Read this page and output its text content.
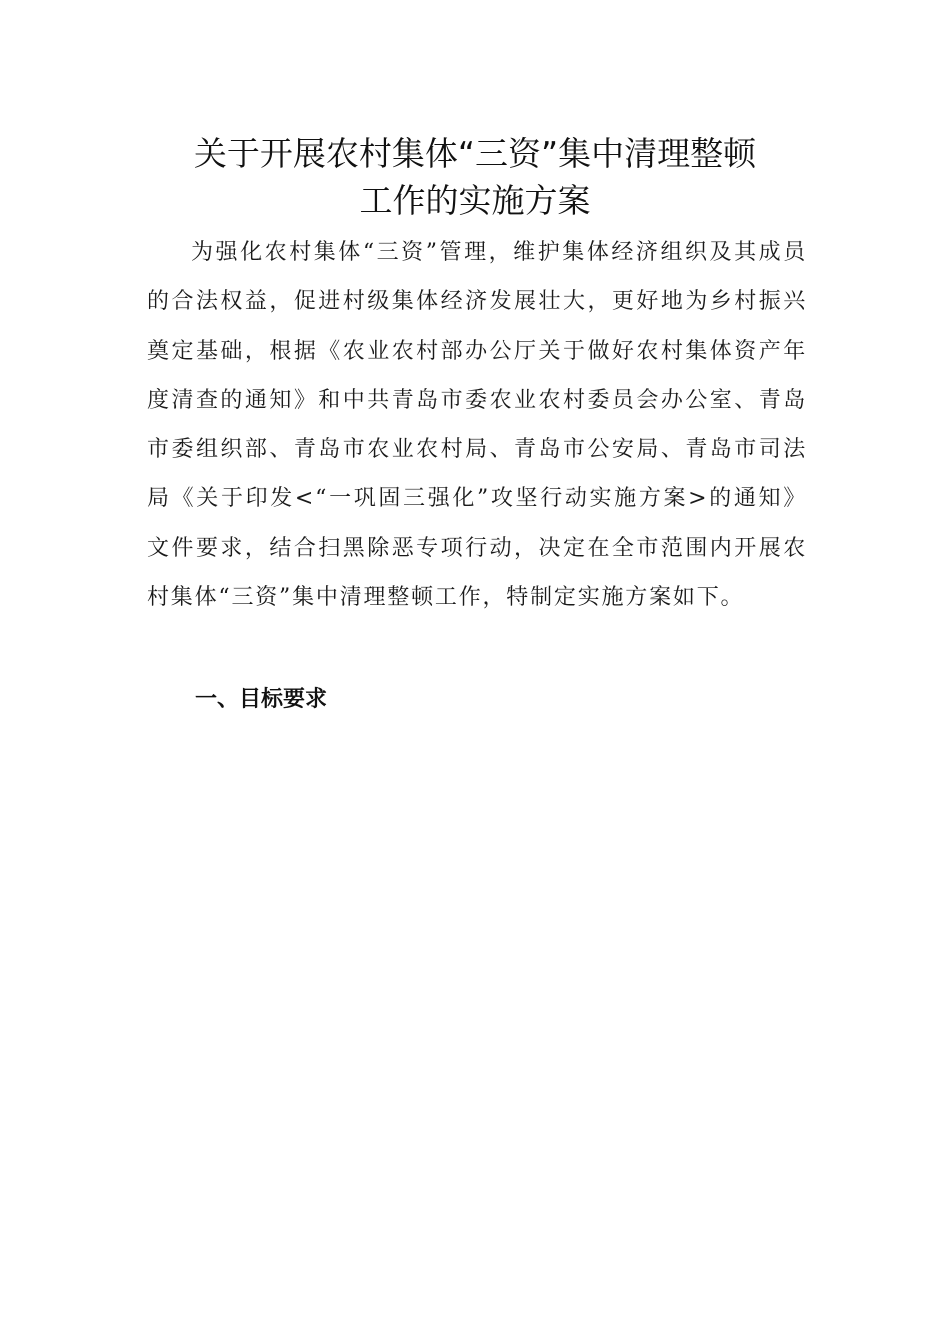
关于开展农村集体“三资”集中清理整顿
工作的实施方案

为强化农村集体“三资”管理，维护集体经济组织及其成员的合法权益，促进村级集体经济发展壮大，更好地为乡村振兴奠定基础，根据《农业农村部办公厅关于做好农村集体资产年度清查的通知》和中共青岛市委农业农村委员会办公室、青岛市委组织部、青岛市农业农村局、青岛市公安局、青岛市司法局《关于印发<“一巩固三强化”攻坚行动实施方案>的通知》文件要求，结合扫黑除恶专项行动，决定在全市范围内开展农村集体“三资”集中清理整顿工作，特制定实施方案如下。

一、目标要求
